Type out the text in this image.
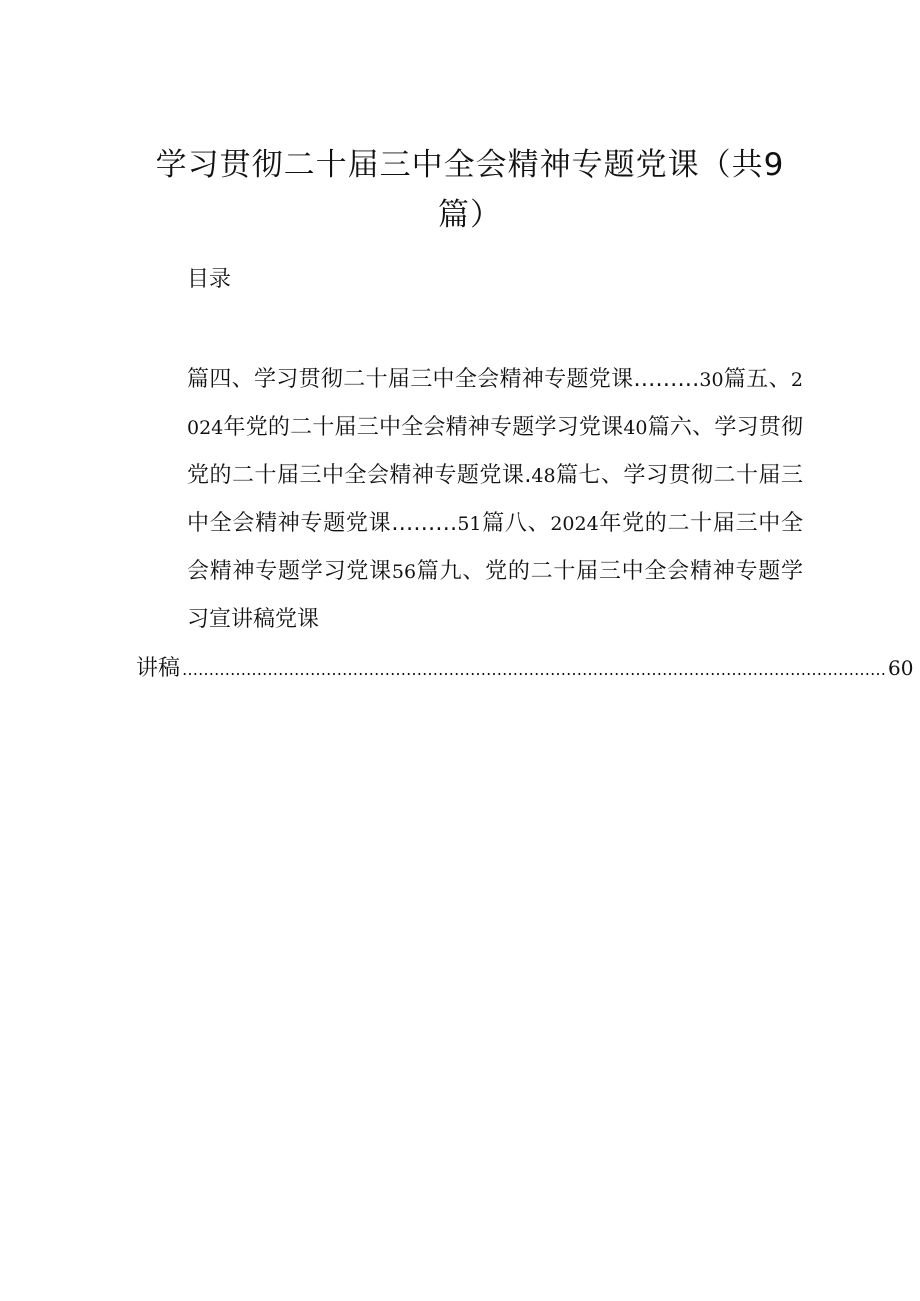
学习贯彻二十届三中全会精神专题党课（共9篇）
目录

篇四、学习贯彻二十届三中全会精神专题党课………30篇五、2024年党的二十届三中全会精神专题学习党课40篇六、学习贯彻党的二十届三中全会精神专题党课.48篇七、学习贯彻二十届三中全会精神专题党课………51篇八、2024年党的二十届三中全会精神专题学习党课56篇九、党的二十届三中全会精神专题学习宣讲稿党课

讲稿 …………………………………………………………………………………………………………………… 60
